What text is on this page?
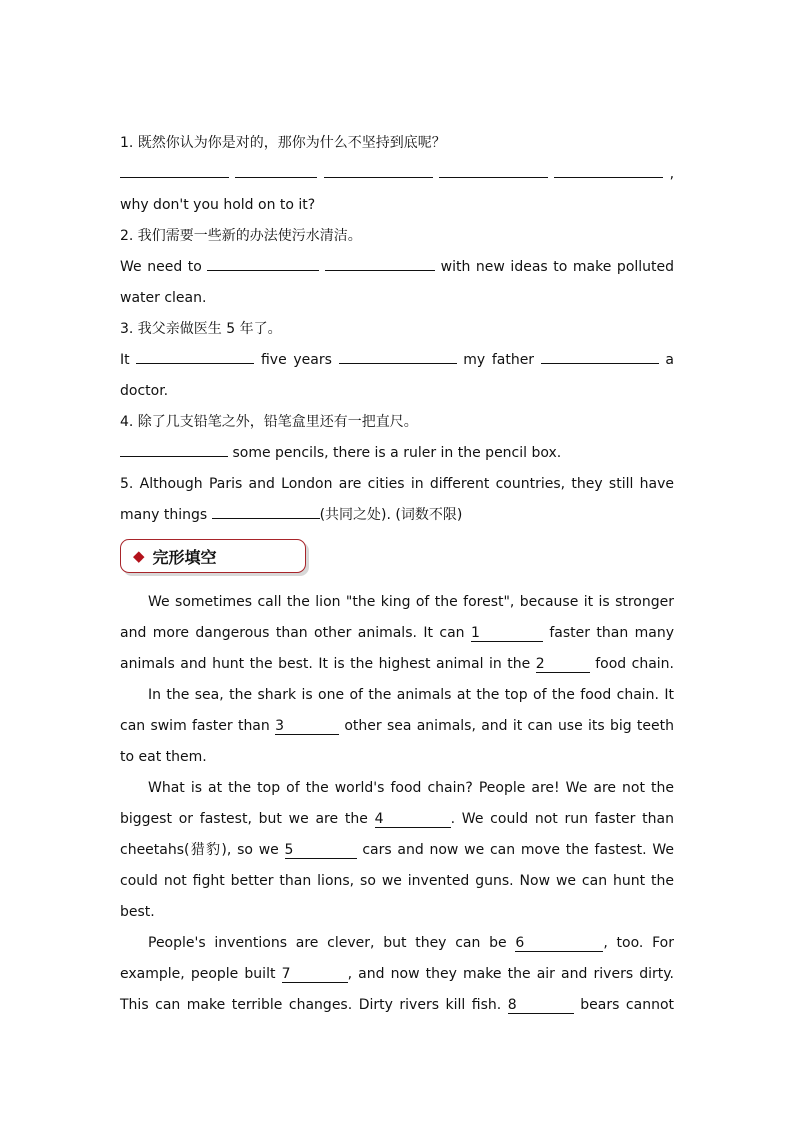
1. 既然你认为你是对的，那你为什么不坚持到底呢？
,
why don't you hold on to it?
2. 我们需要一些新的办法使污水清洁。
We need to	with new ideas to make polluted
water clean.
3. 我父亲做医生 5 年了。
It	five years	my father	a
doctor.
4. 除了几支铅笔之外，铅笔盒里还有一把直尺。
some pencils, there is a ruler in the pencil box.
5. Although Paris and London are cities in different countries, they still have
many things	(共同之处). (词数不限)
◆ 完形填空
We sometimes call the lion "the king of the forest", because it is stronger
and more dangerous than other animals. It can 1	faster than many
animals and hunt the best. It is the highest animal in the 2	food chain.
In the sea, the shark is one of the animals at the top of the food chain. It
can swim faster than 3	other sea animals, and it can use its big teeth
to eat them.
What is at the top of the world's food chain? People are! We are not the
biggest or fastest, but we are the 4	. We could not run faster than
cheetahs(猎豹), so we 5	cars and now we can move the fastest. We
could not fight better than lions, so we invented guns. Now we can hunt the
best.
People's inventions are clever, but they can be 6	, too. For
example, people built 7	, and now they make the air and rivers dirty.
This can make terrible changes. Dirty rivers kill fish. 8	bears cannot
